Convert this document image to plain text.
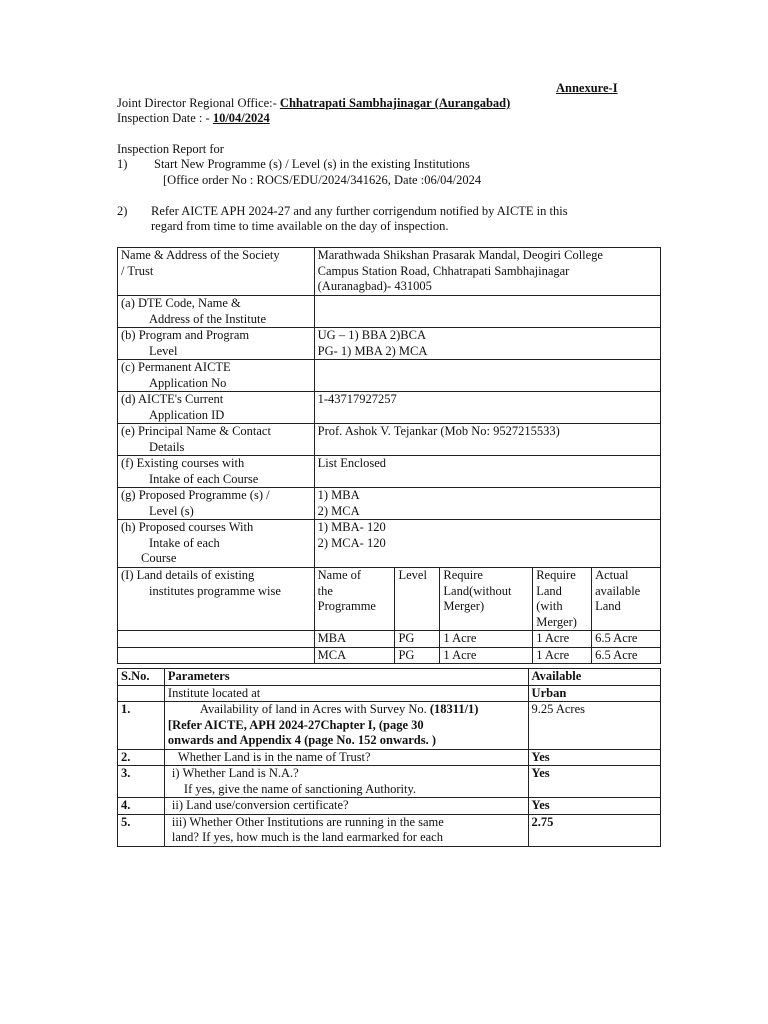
Annexure-I
Joint Director Regional Office:- Chhatrapati Sambhajinagar (Aurangabad)
Inspection Date : - 10/04/2024
Inspection Report for
1) Start New Programme (s) / Level (s) in the existing Institutions
[Office order No : ROCS/EDU/2024/341626, Date :06/04/2024
2) Refer AICTE APH 2024-27 and any further corrigendum notified by AICTE in this
regard from time to time available on the day of inspection.
Name & Address of the Society
/ Trust	Marathwada Shikshan Prasarak Mandal, Deogiri College
Campus Station Road, Chhatrapati Sambhajinagar
(Auranagbad)- 431005				
(a) DTE Code, Name &
Address of the Institute					

(b) Program and Program
Level	UG – 1) BBA 2)BCA
PG- 1) MBA 2) MCA				
(c) Permanent AICTE
Application No					

(d) AICTE's Current
Application ID	1-43717927257				
(e) Principal Name & Contact
Details	Prof. Ashok V. Tejankar (Mob No: 9527215533)				
(f) Existing courses with
Intake of each Course	List Enclosed				
(g) Proposed Programme (s) /
Level (s)	1) MBA
2) MCA				
(h) Proposed courses With
Intake of each
Course	1) MBA- 120
2) MCA- 120				
(I) Land details of existing
institutes programme wise	Name of
the
Programme	Level	Require
Land(without
Merger)	Require
Land
(with
Merger)	Actual
available
Land
	MBA	PG	1 Acre	1 Acre	6.5 Acre
	MCA	PG	1 Acre	1 Acre	6.5 Acre
S.No.	Parameters	Available
	Institute located at	Urban
1.	Availability of land in Acres with Survey No. (18311/1)
[Refer AICTE, APH 2024-27Chapter I, (page 30
onwards and Appendix 4 (page No. 152 onwards. )	9.25 Acres
2.	Whether Land is in the name of Trust?	Yes
3.	i) Whether Land is N.A.?
If yes, give the name of sanctioning Authority.	Yes
4.	ii) Land use/conversion certificate?	Yes
5.	iii) Whether Other Institutions are running in the same
land? If yes, how much is the land earmarked for each	2.75
